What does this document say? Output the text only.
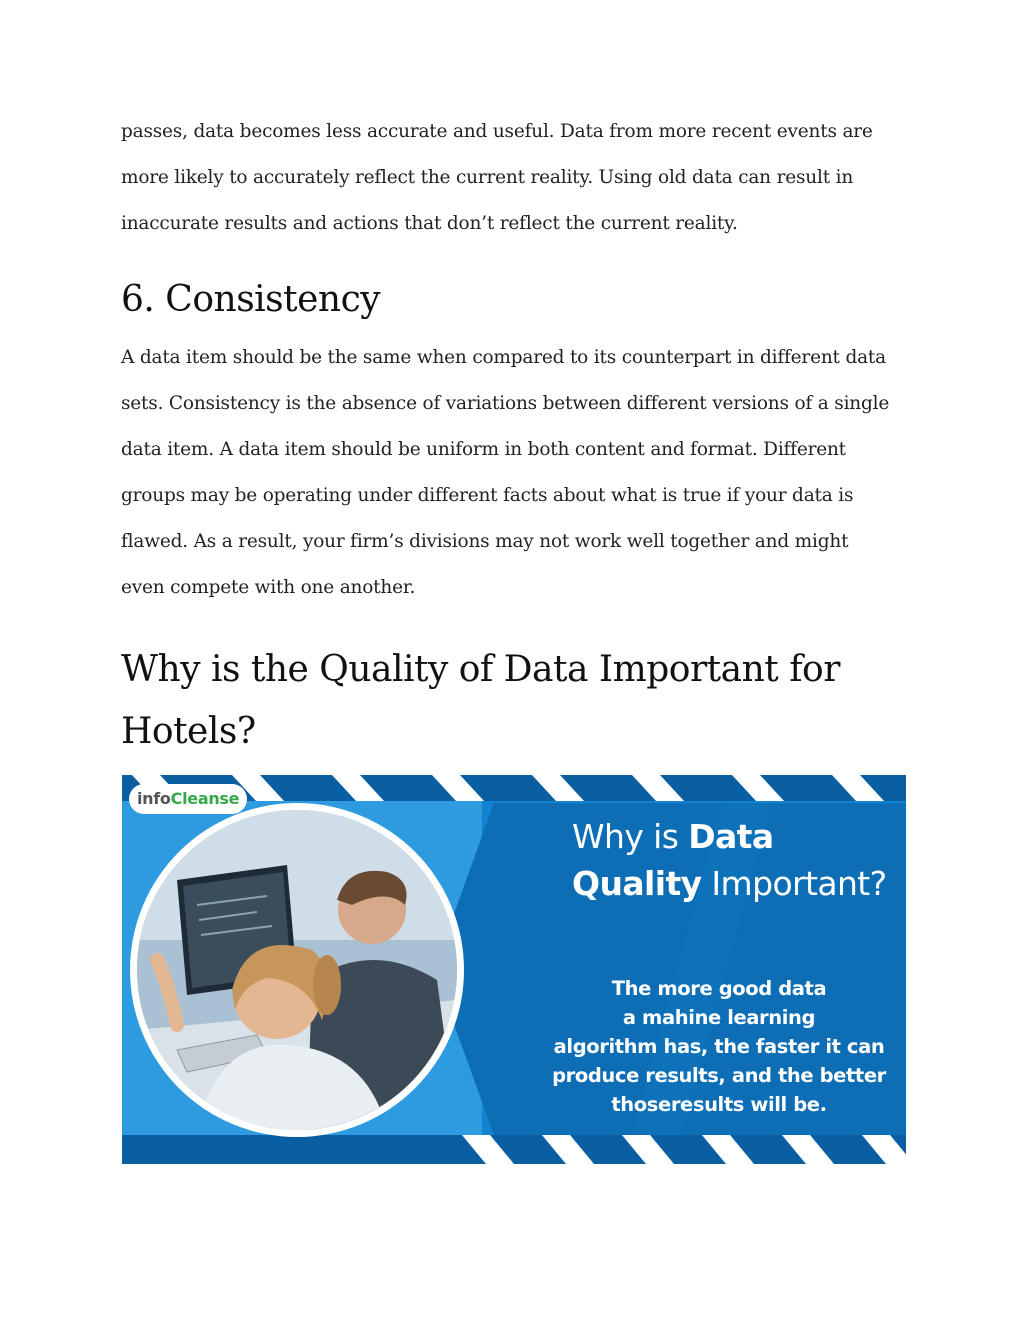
passes, data becomes less accurate and useful. Data from more recent events are
more likely to accurately reflect the current reality. Using old data can result in
inaccurate results and actions that don’t reflect the current reality.
6. Consistency
A data item should be the same when compared to its counterpart in different data
sets. Consistency is the absence of variations between different versions of a single
data item. A data item should be uniform in both content and format. Different
groups may be operating under different facts about what is true if your data is
flawed. As a result, your firm’s divisions may not work well together and might
even compete with one another.
Why is the Quality of Data Important for
Hotels?
infoCleanse
Why is Data
Quality Important?
The more good data
a mahine learning
algorithm has, the faster it can
produce results, and the better
thoseresults will be.
